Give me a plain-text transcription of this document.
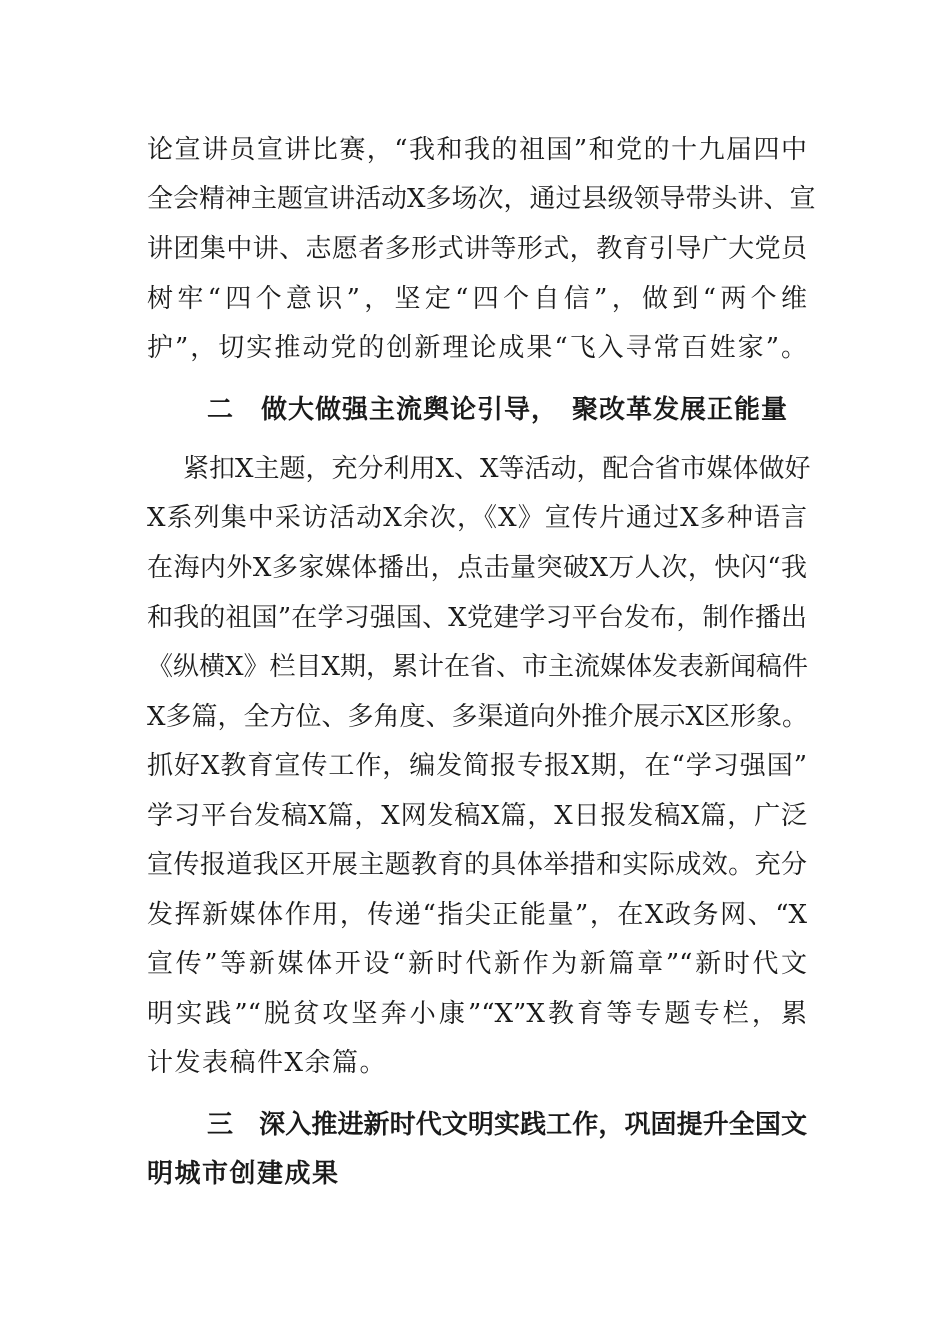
论宣讲员宣讲比赛，“我和我的祖国”和党的十九届四中
全会精神主题宣讲活动X多场次，通过县级领导带头讲、宣
讲团集中讲、志愿者多形式讲等形式，教育引导广大党员
树牢“四个意识”，坚定“四个自信”，做到“两个维
护”，切实推动党的创新理论成果“飞入寻常百姓家”。
二　做大做强主流舆论引导，　聚改革发展正能量
紧扣X主题，充分利用X、X等活动，配合省市媒体做好
X系列集中采访活动X余次，《X》宣传片通过X多种语言
在海内外X多家媒体播出，点击量突破X万人次，快闪“我
和我的祖国”在学习强国、X党建学习平台发布，制作播出
《纵横X》栏目X期，累计在省、市主流媒体发表新闻稿件
X多篇，全方位、多角度、多渠道向外推介展示X区形象。
抓好X教育宣传工作，编发简报专报X期，在“学习强国”
学习平台发稿X篇，X网发稿X篇，X日报发稿X篇，广泛
宣传报道我区开展主题教育的具体举措和实际成效。充分
发挥新媒体作用，传递“指尖正能量”，在X政务网、“X
宣传”等新媒体开设“新时代新作为新篇章”“新时代文
明实践”“脱贫攻坚奔小康”“X”X教育等专题专栏，累
计发表稿件X余篇。
三　深入推进新时代文明实践工作，巩固提升全国文
明城市创建成果
